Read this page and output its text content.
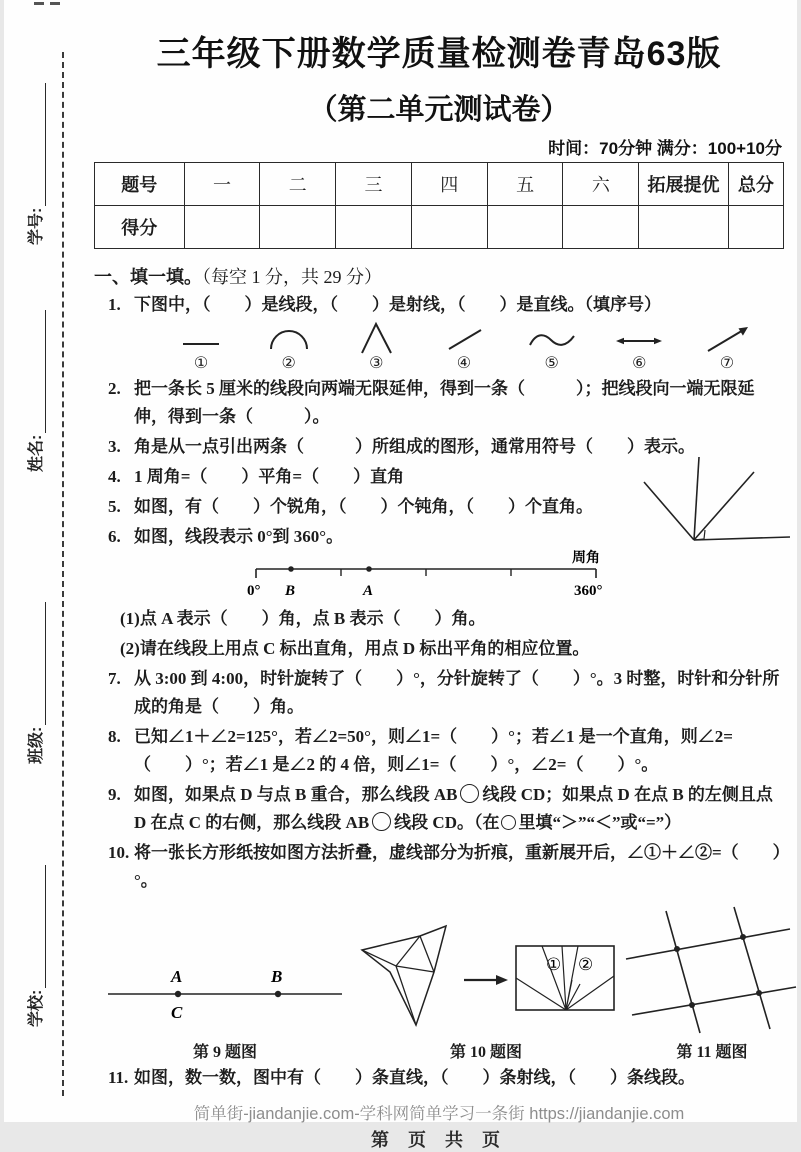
学号:
姓名:
班级:
学校:
三年级下册数学质量检测卷青岛63版
（第二单元测试卷）
时间：70分钟 满分：100+10分
题号	一	二	三	四	五	六	拓展提优	总分
得分								
一、填一填。（每空 1 分，共 29 分）
1. 下图中，（　　）是线段，（　　）是射线，（　　）是直线。（填序号）
①	②	③	④	⑤	⑥	⑦
2. 把一条长 5 厘米的线段向两端无限延伸，得到一条（　　　）；把线段向一端无限延伸，得到一条（　　　）。
3. 角是从一点引出两条（　　　）所组成的图形，通常用符号（　　）表示。
4. 1 周角=（　　）平角=（　　）直角
5. 如图，有（　　）个锐角，（　　）个钝角，（　　）个直角。
6. 如图，线段表示 0°到 360°。
0° B	A	360°
周角
(1)点 A 表示（　　）角，点 B 表示（　　）角。
(2)请在线段上用点 C 标出直角，用点 D 标出平角的相应位置。
7. 从 3:00 到 4:00，时针旋转了（　　）°，分针旋转了（　　）°。3 时整，时针和分针所成的角是（　　）角。
8. 已知∠1＋∠2=125°，若∠2=50°，则∠1=（　　）°；若∠1 是一个直角，则∠2=（　　）°；若∠1 是∠2 的 4 倍，则∠1=（　　）°，∠2=（　　）°。
9. 如图，如果点 D 与点 B 重合，那么线段 AB 线段 CD；如果点 D 在点 B 的左侧且点 D 在点 C 的右侧，那么线段 AB 线段 CD。（在 里填“＞”“＜”或“=”）
10. 将一张长方形纸按如图方法折叠，虚线部分为折痕，重新展开后，∠①＋∠②=（　　）°。
A	B
C
第 9 题图
① ②
第 10 题图	第 11 题图
11. 如图，数一数，图中有（　　）条直线，（　　）条射线，（　　）条线段。
简单街-jiandanjie.com-学科网简单学习一条街 https://jiandanjie.com
第 页 共 页
